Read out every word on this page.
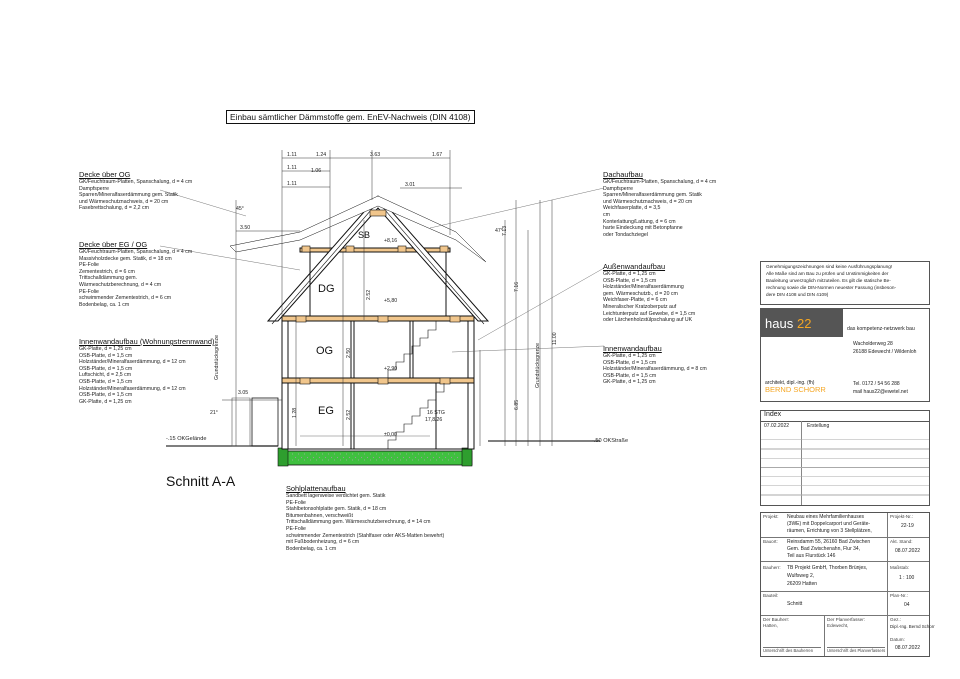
Einbau sämtlicher Dämmstoffe gem. EnEV-Nachweis (DIN 4108)
Schnitt A-A
DG
OG
EG
SB
16 STG
17,8/26
-.15 OKGelände	-.50 OKStraße
±0,00
+2,90
+5,80
+8,16
Grundstücksgrenze	Grundstücksgrenze
1.11	1.24	3.63	1.67
1.11	1.06
1.11	3.01
3.50
3.05
21°
45°
47°
6.85
11.00
7.13
7.16
1.28	2.52
2.50
2.52
Decke über OG
GK/Feuchtraum-Platten, Spanschalung, d = 4 cm
Dampfsperre
Sparren/Mineralfaserdämmung gem. Statik
und Wärmeschutznachweis, d = 20 cm
Fasebrettschalung, d = 2,2 cm
Decke über EG / OG
GK/Feuchtraum-Platten, Spanschalung, d = 4 cm
Massivholzdecke gem. Statik, d = 18 cm
PE-Folie
Zementestrich, d = 6 cm
Trittschalldämmung gem.
Wärmeschutzberechnung, d = 4 cm
PE-Folie
schwimmender Zementestrich, d = 6 cm
Bodenbelag, ca. 1 cm
Innenwandaufbau (Wohnungstrennwand)
GK-Platte, d = 1,25 cm
OSB-Platte, d = 1,5 cm
Holzständer/Mineralfaserdämmung, d = 12 cm
OSB-Platte, d = 1,5 cm
Luftschicht, d = 2,5 cm
OSB-Platte, d = 1,5 cm
Holzständer/Mineralfaserdämmung, d = 12 cm
OSB-Platte, d = 1,5 cm
GK-Platte, d = 1,25 cm
Dachaufbau
GK/Feuchtraum-Platten, Spanschalung, d = 4 cm
Dampfsperre
Sparren/Mineralfaserdämmung gem. Statik
und Wärmeschutznachweis, d = 20 cm
Weichfaserplatte, d = 3,5
cm
Konterlattung/Lattung, d = 6 cm
harte Eindeckung mit Betonpfanne
oder Tondachziegel
Außenwandaufbau
GK-Platte, d = 1,25 cm
OSB-Platte, d = 1,5 cm
Holzständer/Mineralfaserdämmung
gem. Wärmeschutzb., d = 20 cm
Weichfaser-Platte, d = 6 cm
Mineralischer Kratzoberputz auf
Leichtunterputz auf Gewebe, d = 1,5 cm
oder Lärchenholzstülpschalung auf UK
Innenwandaufbau
GK-Platte, d = 1,25 cm
OSB-Platte, d = 1,5 cm
Holzständer/Mineralfaserdämmung, d = 8 cm
OSB-Platte, d = 1,5 cm
GK-Platte, d = 1,25 cm
Sohlplattenaufbau
Sandbett lagenweise verdichtet gem. Statik
PE-Folie
Stahlbetonsohlplatte gem. Statik, d = 18 cm
Bitumenbahnen, verschweißt
Trittschalldämmung gem. Wärmeschutzberechnung, d = 14 cm
PE-Folie
schwimmender Zementestrich (Stahlfaser oder AKS-Matten bewehrt)
mit Fußbodenheizung, d = 6 cm
Bodenbelag, ca. 1 cm
Genehmigungszeichnungen sind keine Ausführungsplanung!
Alle Maße sind am Bau zu prüfen und Unstimmigkeiten der
Bauleitung unverzüglich mitzuteilen. Es gilt die statische Be-
rechnung sowie die DIN-Normen neuester Fassung (insbeson-
dere DIN 4108 und DIN 4109)
haus 22	das kompetenz-netzwerk bau
Wacholderweg 28
26188 Edewecht / Wildenloh
architekt, dipl.-ing. (fh)
BERND SCHORR
Tel. 0172 / 54 56 288
mail haus22@ewetel.net
Index
07.02.2022	Erstellung
Projekt: Neubau eines Mehrfamilienhauses
(3WE) mit Doppelcarport und Geräte-
räumen, Errichtung von 3 Stellplätzen,
Projekt-Nr.:
22-19
Bauort: Reinsdamm 55, 26160 Bad Zwischen
Gem. Bad Zwischenahn, Flur 34,
Teil aus Flurstück 146
Akt. Stand:
08.07.2022
Bauherr: TB Projekt GmbH, Thorben Brünjes,
Wulfsweg 2,
26209 Hatten
Maßstab:
1 : 100
Bauteil:
Schnitt
Plan-Nr.:
04
Der Bauherr:
Hatten,
Der Planverfasser:
Edewecht,
Gez.:
Dipl.-Ing. Bernd Schorr
Datum:
08.07.2022
Unterschrift des Bauherren	Unterschrift des Planverfassers
